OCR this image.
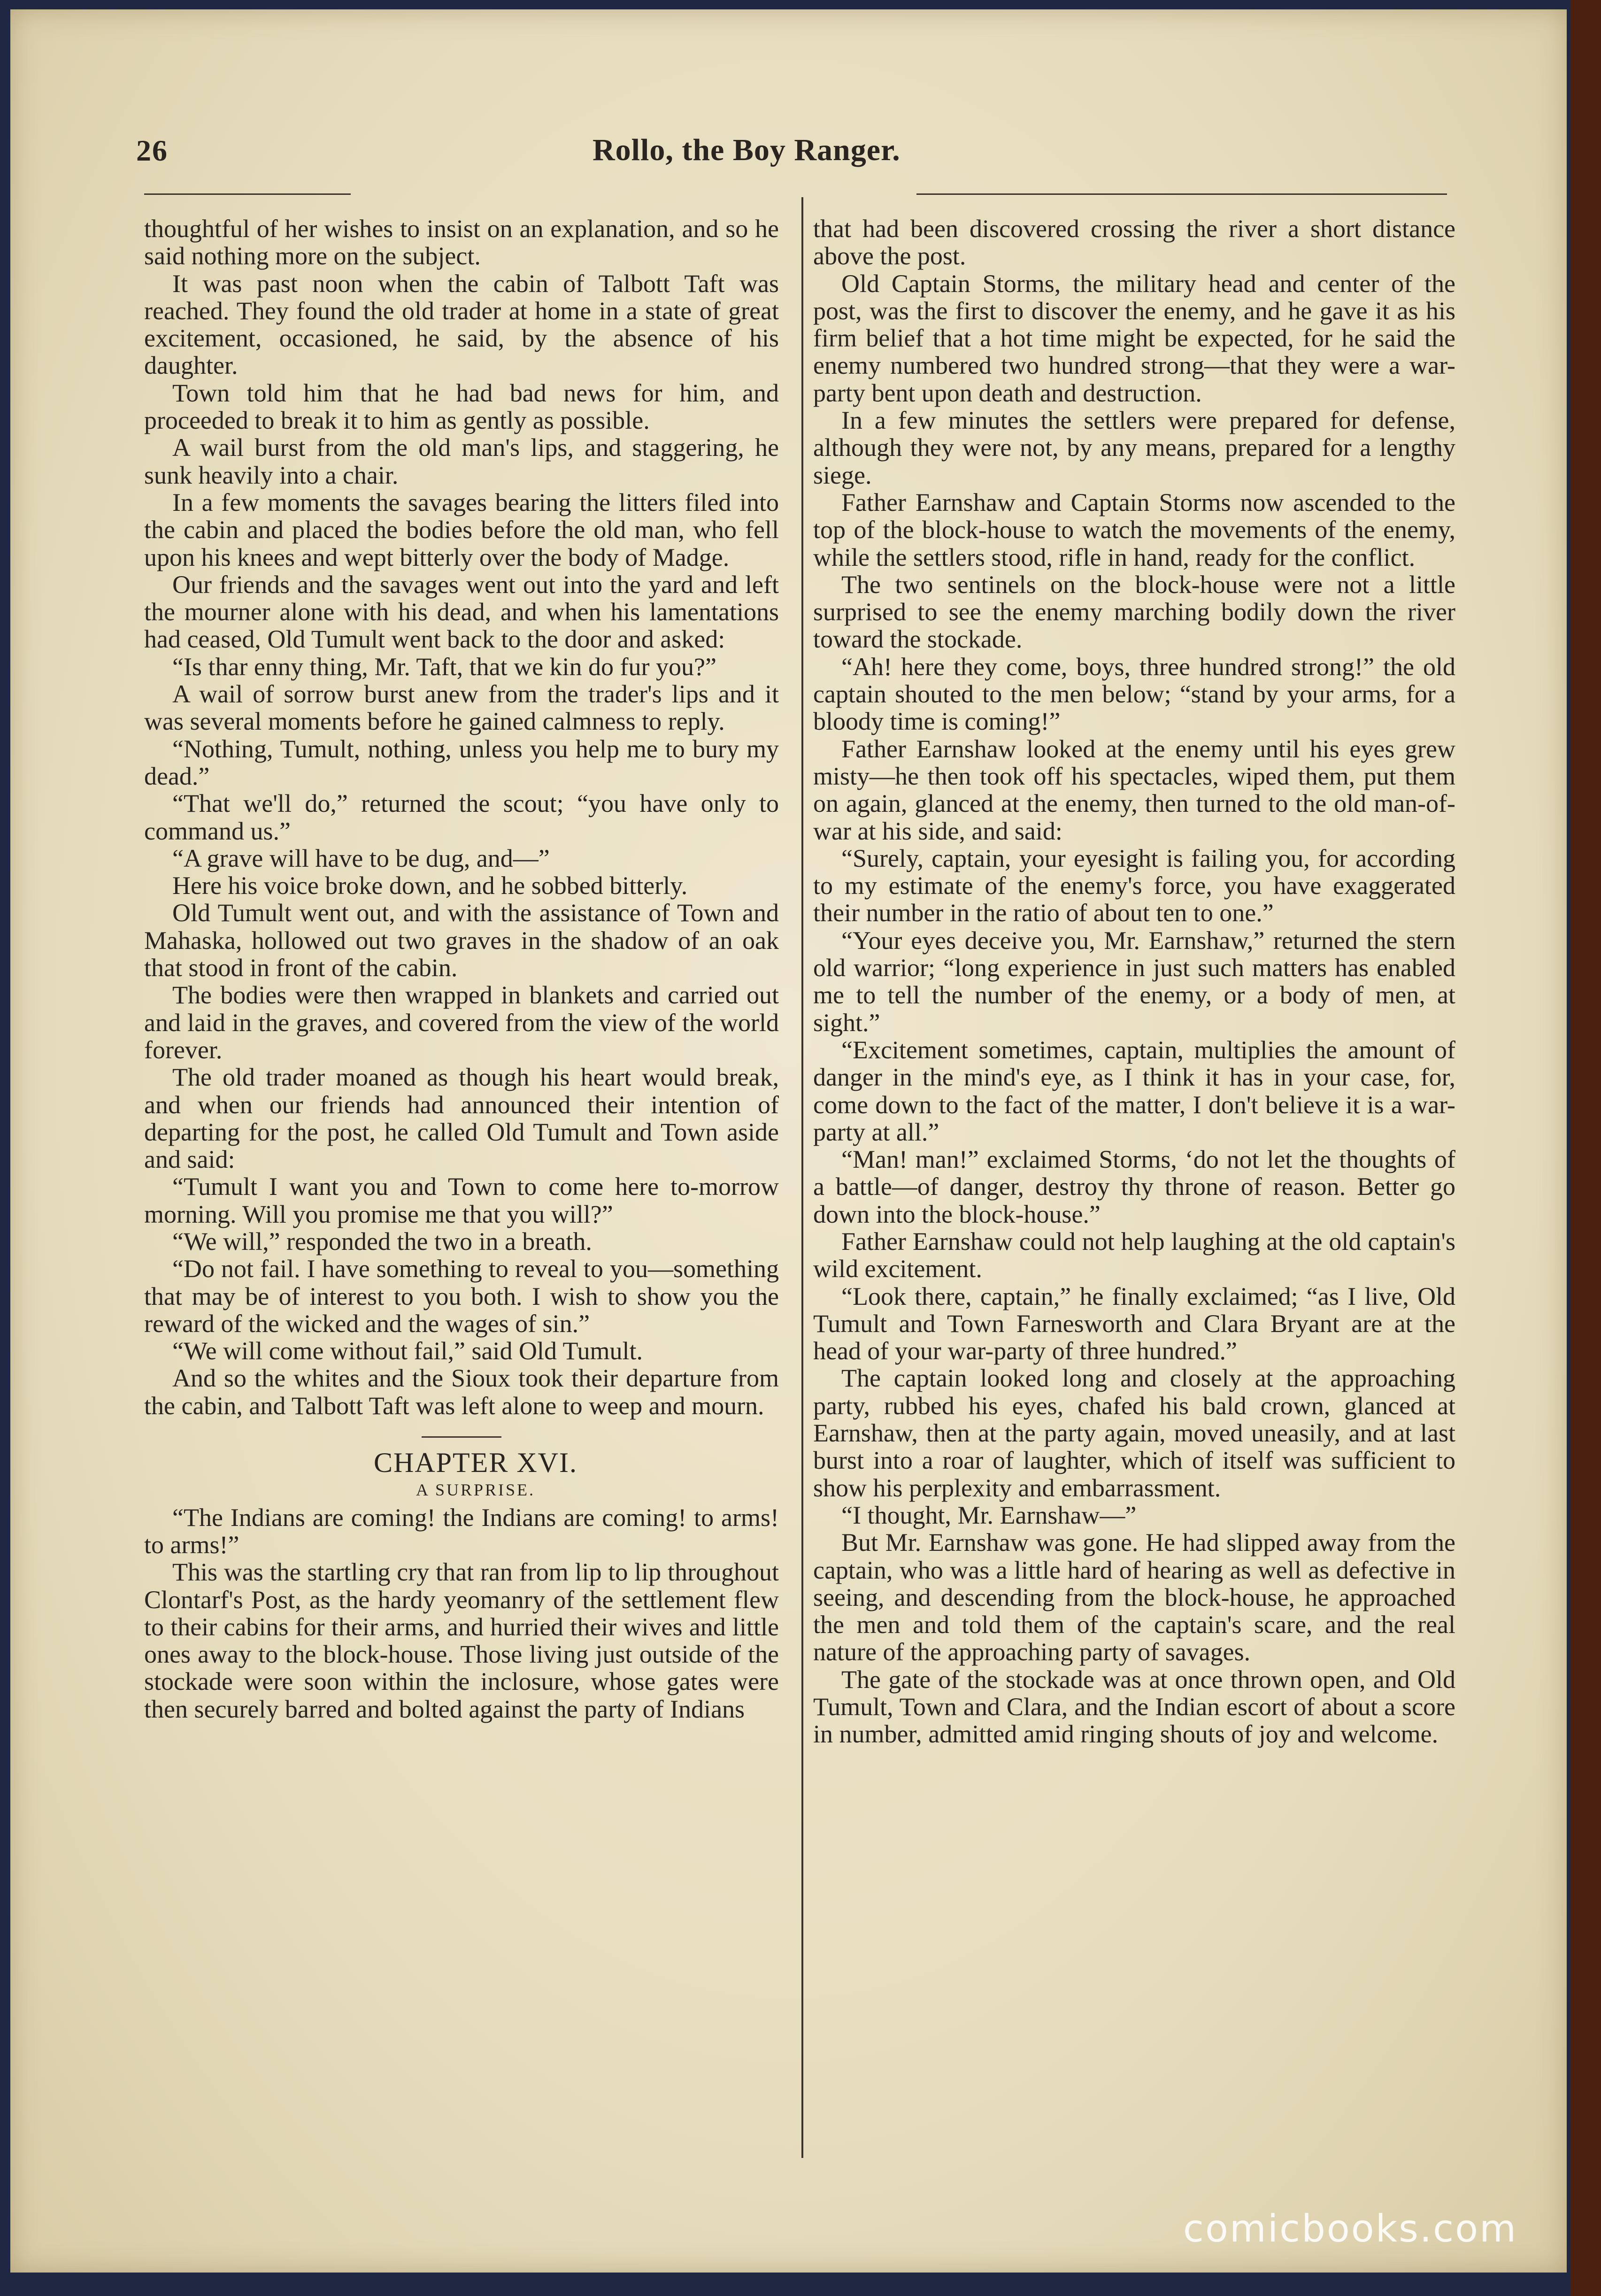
26	Rollo, the Boy Ranger.

thoughtful of her wishes to insist on an explanation, and so he said nothing more on the subject.

It was past noon when the cabin of Talbott Taft was reached. They found the old trader at home in a state of great excitement, occasioned, he said, by the absence of his daughter.

Town told him that he had bad news for him, and proceeded to break it to him as gently as possible.

A wail burst from the old man's lips, and staggering, he sunk heavily into a chair.

In a few moments the savages bearing the litters filed into the cabin and placed the bodies before the old man, who fell upon his knees and wept bitterly over the body of Madge.

Our friends and the savages went out into the yard and left the mourner alone with his dead, and when his lamentations had ceased, Old Tumult went back to the door and asked:

“Is thar enny thing, Mr. Taft, that we kin do fur you?”

A wail of sorrow burst anew from the trader's lips and it was several moments before he gained calmness to reply.

“Nothing, Tumult, nothing, unless you help me to bury my dead.”

“That we'll do,” returned the scout; “you have only to command us.”

“A grave will have to be dug, and—”

Here his voice broke down, and he sobbed bitterly.

Old Tumult went out, and with the assistance of Town and Mahaska, hollowed out two graves in the shadow of an oak that stood in front of the cabin.

The bodies were then wrapped in blankets and carried out and laid in the graves, and covered from the view of the world forever.

The old trader moaned as though his heart would break, and when our friends had announced their intention of departing for the post, he called Old Tumult and Town aside and said:

“Tumult I want you and Town to come here to-morrow morning. Will you promise me that you will?”

“We will,” responded the two in a breath.

“Do not fail. I have something to reveal to you—something that may be of interest to you both. I wish to show you the reward of the wicked and the wages of sin.”

“We will come without fail,” said Old Tumult.

And so the whites and the Sioux took their departure from the cabin, and Talbott Taft was left alone to weep and mourn.

CHAPTER XVI.

A SURPRISE.

“The Indians are coming! the Indians are coming! to arms! to arms!”

This was the startling cry that ran from lip to lip throughout Clontarf's Post, as the hardy yeomanry of the settlement flew to their cabins for their arms, and hurried their wives and little ones away to the block-house. Those living just outside of the stockade were soon within the inclosure, whose gates were then securely barred and bolted against the party of Indians

that had been discovered crossing the river a short distance above the post.

Old Captain Storms, the military head and center of the post, was the first to discover the enemy, and he gave it as his firm belief that a hot time might be expected, for he said the enemy numbered two hundred strong—that they were a war-party bent upon death and destruction.

In a few minutes the settlers were prepared for defense, although they were not, by any means, prepared for a lengthy siege.

Father Earnshaw and Captain Storms now ascended to the top of the block-house to watch the movements of the enemy, while the settlers stood, rifle in hand, ready for the conflict.

The two sentinels on the block-house were not a little surprised to see the enemy marching bodily down the river toward the stockade.

“Ah! here they come, boys, three hundred strong!” the old captain shouted to the men below; “stand by your arms, for a bloody time is coming!”

Father Earnshaw looked at the enemy until his eyes grew misty—he then took off his spectacles, wiped them, put them on again, glanced at the enemy, then turned to the old man-of-war at his side, and said:

“Surely, captain, your eyesight is failing you, for according to my estimate of the enemy's force, you have exaggerated their number in the ratio of about ten to one.”

“Your eyes deceive you, Mr. Earnshaw,” returned the stern old warrior; “long experience in just such matters has enabled me to tell the number of the enemy, or a body of men, at sight.”

“Excitement sometimes, captain, multiplies the amount of danger in the mind's eye, as I think it has in your case, for, come down to the fact of the matter, I don't believe it is a war-party at all.”

“Man! man!” exclaimed Storms, ‘do not let the thoughts of a battle—of danger, destroy thy throne of reason. Better go down into the block-house.”

Father Earnshaw could not help laughing at the old captain's wild excitement.

“Look there, captain,” he finally exclaimed; “as I live, Old Tumult and Town Farnesworth and Clara Bryant are at the head of your war-party of three hundred.”

The captain looked long and closely at the approaching party, rubbed his eyes, chafed his bald crown, glanced at Earnshaw, then at the party again, moved uneasily, and at last burst into a roar of laughter, which of itself was sufficient to show his perplexity and embarrassment.

“I thought, Mr. Earnshaw—”

But Mr. Earnshaw was gone. He had slipped away from the captain, who was a little hard of hearing as well as defective in seeing, and descending from the block-house, he approached the men and told them of the captain's scare, and the real nature of the approaching party of savages.

The gate of the stockade was at once thrown open, and Old Tumult, Town and Clara, and the Indian escort of about a score in number, admitted amid ringing shouts of joy and welcome.

comicbooks.com
